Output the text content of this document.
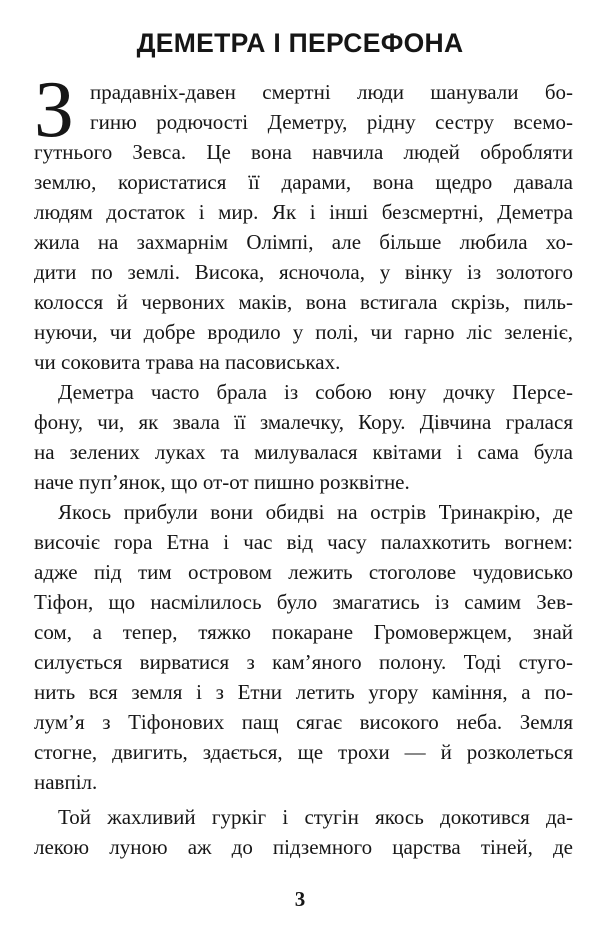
ДЕМЕТРА І ПЕРСЕФОНА
З прадавніх-давен смертні люди шанували бо-

гиню родючості Деметру, рідну сестру всемо-

гутнього Зевса. Це вона навчила людей обробляти

землю, користатися її дарами, вона щедро давала

людям достаток і мир. Як і інші безсмертні, Деметра

жила на захмарнім Олімпі, але більше любила хо-

дити по землі. Висока, ясночола, у вінку із золотого

колосся й червоних маків, вона встигала скрізь, пиль-

нуючи, чи добре вродило у полі, чи гарно ліс зеленіє,

чи соковита трава на пасовиськах.

Деметра часто брала із собою юну дочку Персе-

фону, чи, як звала її змалечку, Кору. Дівчина гралася

на зелених луках та милувалася квітами і сама була

наче пуп’янок, що от-от пишно розквітне.

Якось прибули вони обидві на острів Тринакрію, де

височіє гора Етна і час від часу палахкотить вогнем:

адже під тим островом лежить стоголове чудовисько

Тіфон, що насмілилось було змагатись із самим Зев-

сом, а тепер, тяжко покаране Громовержцем, знай

силується вирватися з кам’яного полону. Тоді стуго-

нить вся земля і з Етни летить угору каміння, а по-

лум’я з Тіфонових пащ сягає високого неба. Земля

стогне, двигить, здається, ще трохи — й розколеться

навпіл.

Той жахливий гуркіг і стугін якось докотився да-

лекою луною аж до підземного царства тіней, де

3
